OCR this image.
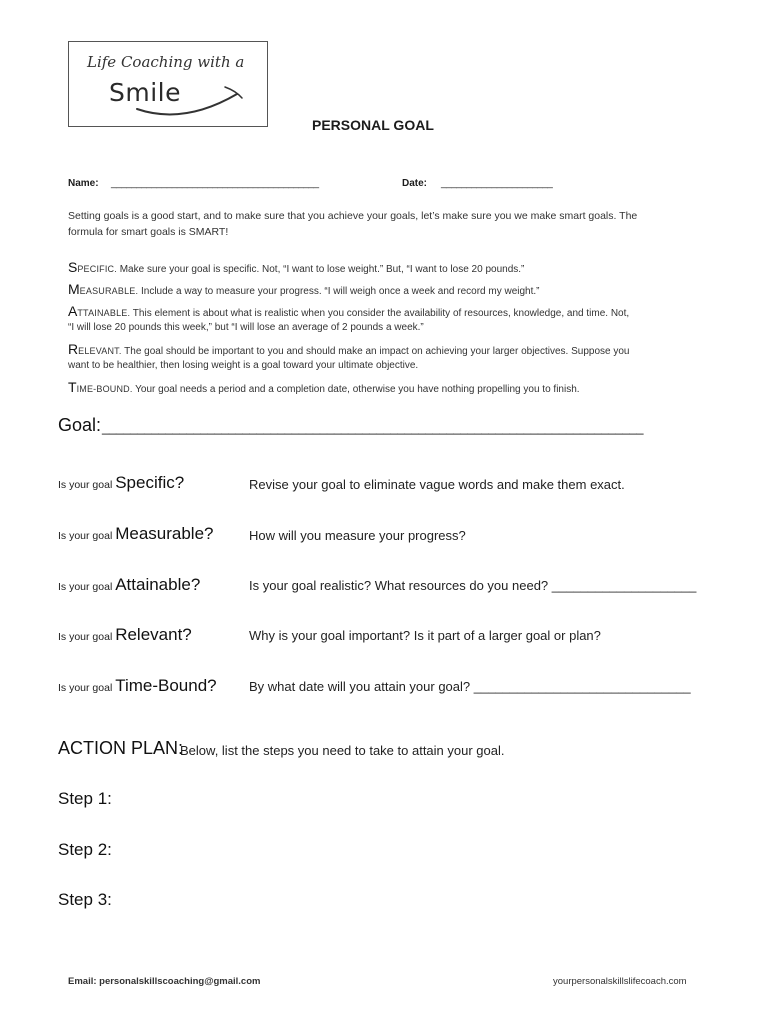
Life Coaching with a
Smile
PERSONAL GOAL
Name: _________________________________________	Date: ______________________
Setting goals is a good start, and to make sure that you achieve your goals, let’s make sure you we make smart goals. The
formula for smart goals is SMART!
SPECIFIC. Make sure your goal is specific. Not, “I want to lose weight.” But, “I want to lose 20 pounds.”
MEASURABLE. Include a way to measure your progress. “I will weigh once a week and record my weight.”
ATTAINABLE. This element is about what is realistic when you consider the availability of resources, knowledge, and time. Not,
“I will lose 20 pounds this week,” but “I will lose an average of 2 pounds a week.”
RELEVANT. The goal should be important to you and should make an impact on achieving your larger objectives. Suppose you
want to be healthier, then losing weight is a goal toward your ultimate objective.
TIME-BOUND. Your goal needs a period and a completion date, otherwise you have nothing propelling you to finish.
Goal: _____________________________________________________________________________
Is your goal Specific?	Revise your goal to eliminate vague words and make them exact.
Is your goal Measurable?	How will you measure your progress?
Is your goal Attainable?	Is your goal realistic? What resources do you need? ____________________
Is your goal Relevant?	Why is your goal important? Is it part of a larger goal or plan?
Is your goal Time-Bound? By what date will you attain your goal? ______________________________
ACTION PLAN:
Below, list the steps you need to take to attain your goal.
Step 1:
Step 2:
Step 3:
Email: personalskillscoaching@gmail.com	yourpersonalskillslifecoach.com
